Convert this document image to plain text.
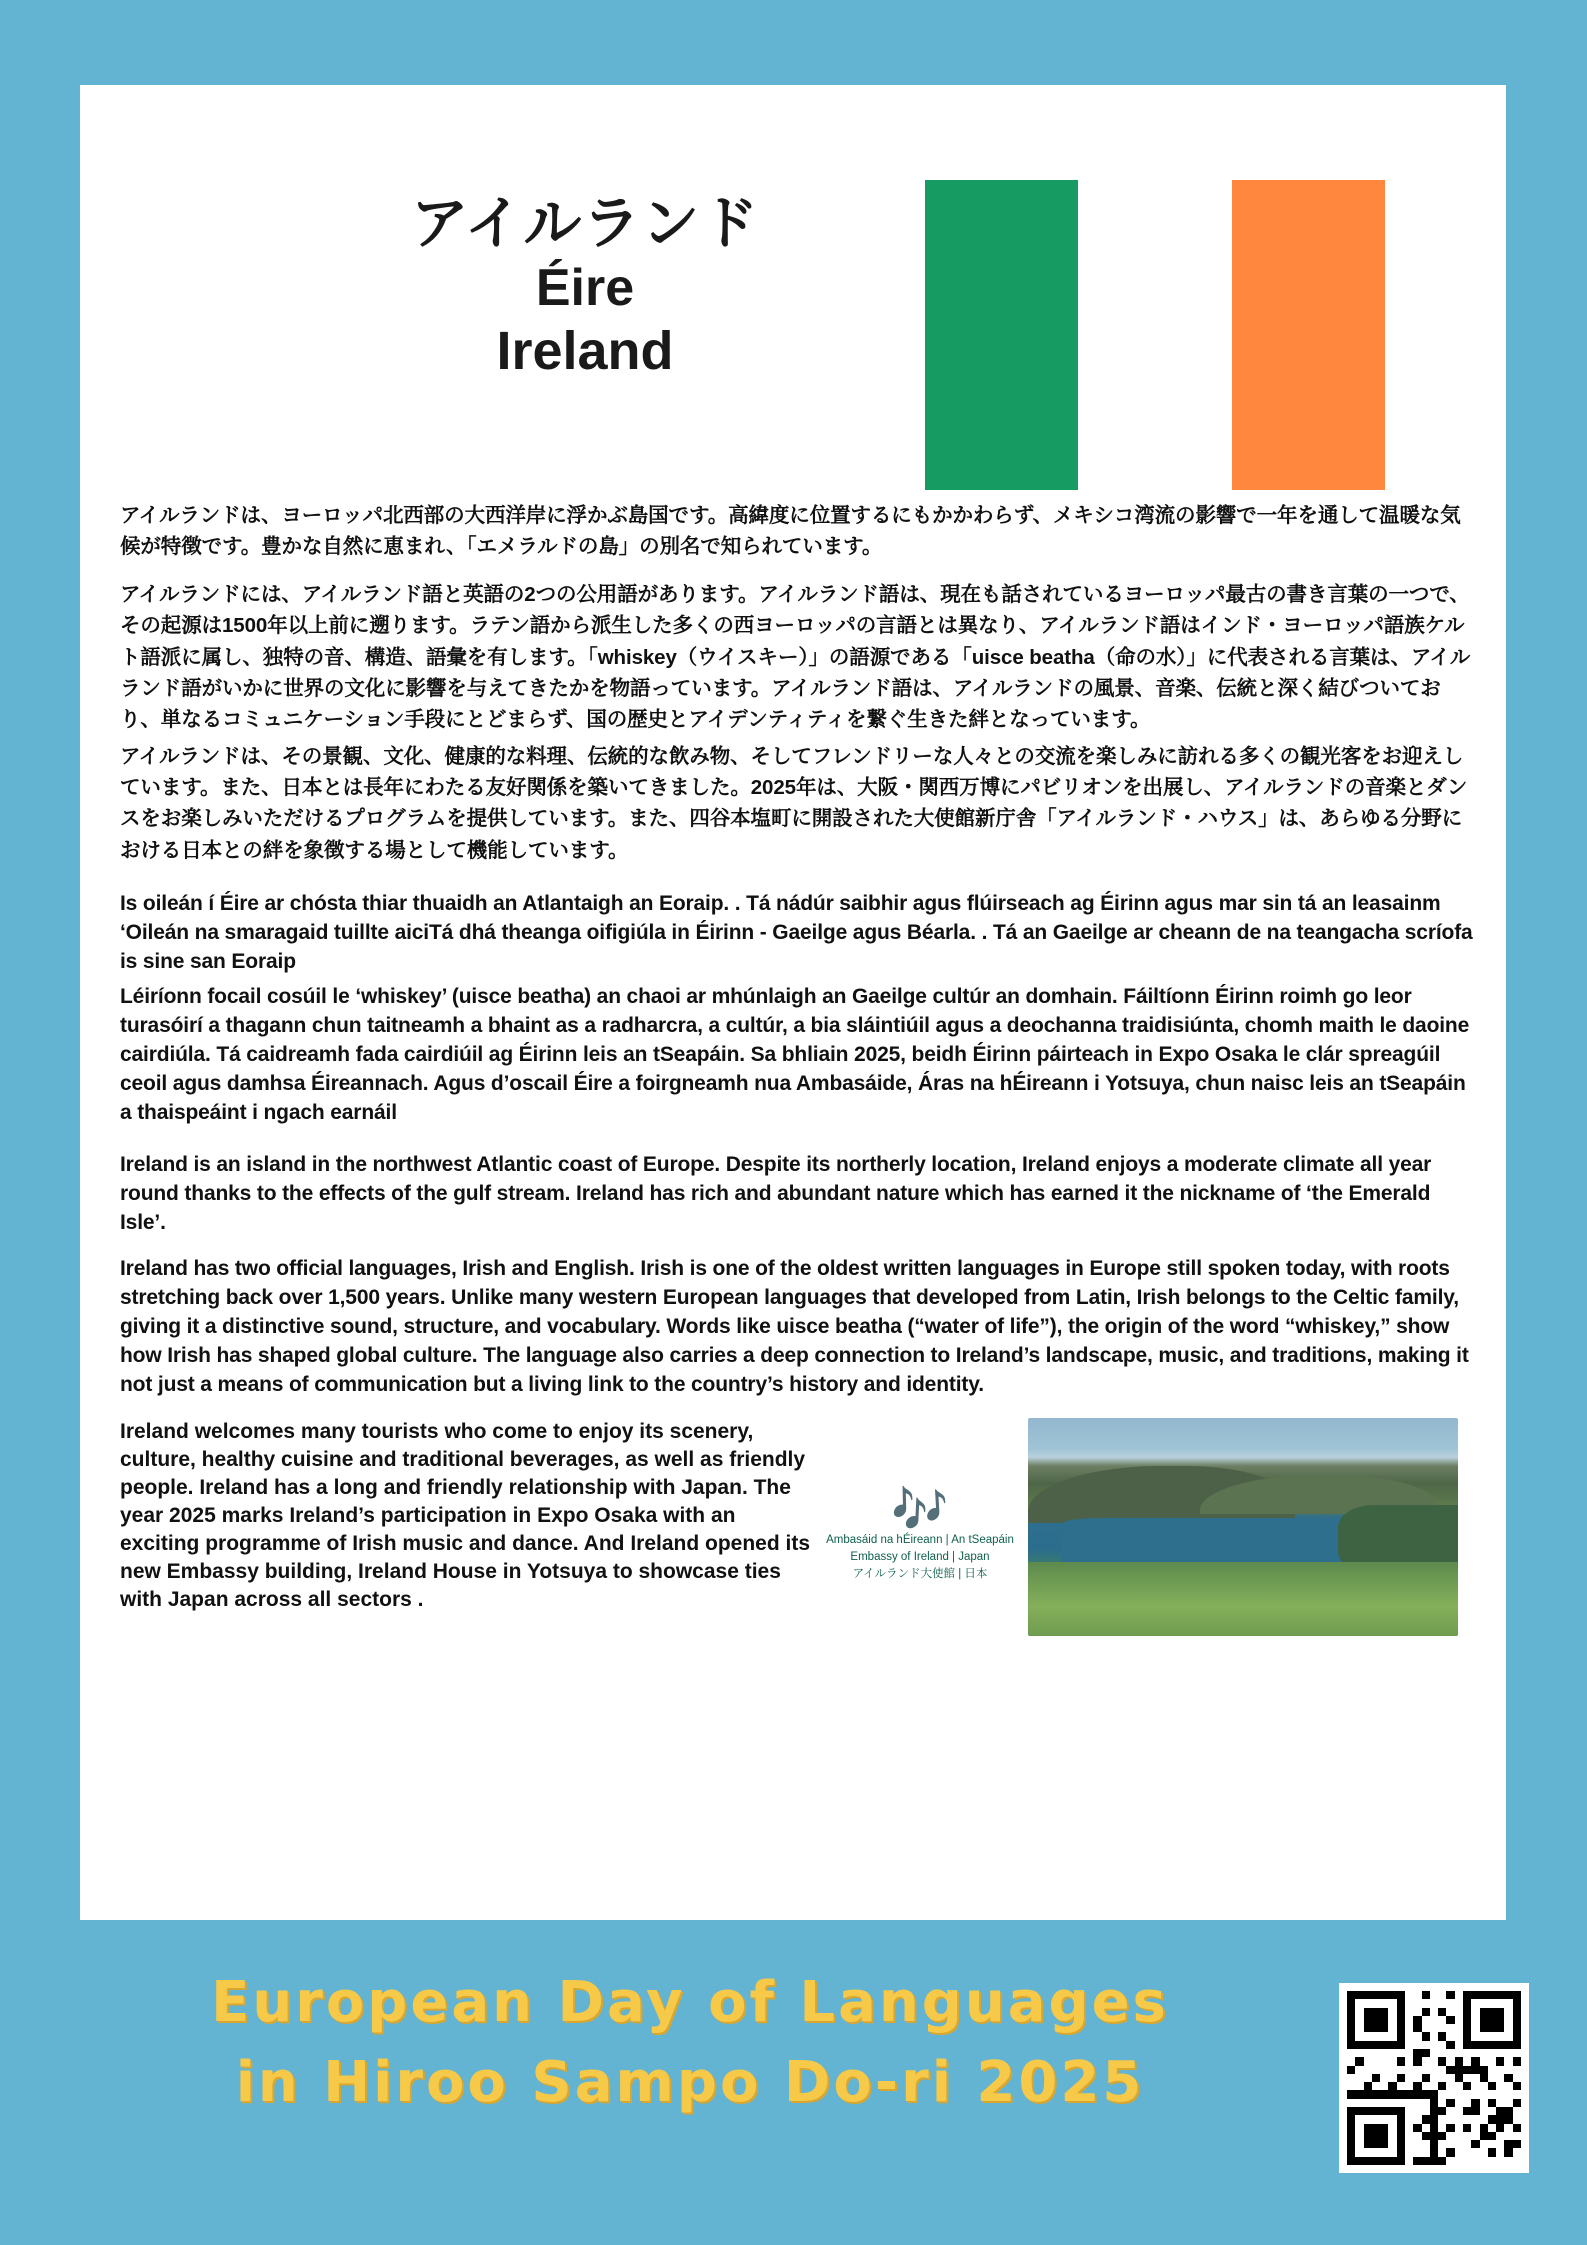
アイルランド
Éire
Ireland

アイルランドは、ヨーロッパ北西部の大西洋岸に浮かぶ島国です。高緯度に位置するにもかかわらず、メキシコ湾流の影響で一年を通して温暖な気候が特徴です。豊かな自然に恵まれ、「エメラルドの島」の別名で知られています。

アイルランドには、アイルランド語と英語の2つの公用語があります。アイルランド語は、現在も話されているヨーロッパ最古の書き言葉の一つで、その起源は1500年以上前に遡ります。ラテン語から派生した多くの西ヨーロッパの言語とは異なり、アイルランド語はインド・ヨーロッパ語族ケルト語派に属し、独特の音、構造、語彙を有します。「whiskey（ウイスキー）」の語源である「uisce beatha（命の水）」に代表される言葉は、アイルランド語がいかに世界の文化に影響を与えてきたかを物語っています。アイルランド語は、アイルランドの風景、音楽、伝統と深く結びついており、単なるコミュニケーション手段にとどまらず、国の歴史とアイデンティティを繋ぐ生きた絆となっています。

アイルランドは、その景観、文化、健康的な料理、伝統的な飲み物、そしてフレンドリーな人々との交流を楽しみに訪れる多くの観光客をお迎えしています。また、日本とは長年にわたる友好関係を築いてきました。2025年は、大阪・関西万博にパビリオンを出展し、アイルランドの音楽とダンスをお楽しみいただけるプログラムを提供しています。また、四谷本塩町に開設された大使館新庁舎「アイルランド・ハウス」は、あらゆる分野における日本との絆を象徴する場として機能しています。

Is oileán í Éire ar chósta thiar thuaidh an Atlantaigh an Eoraip. . Tá nádúr saibhir agus flúirseach ag Éirinn agus mar sin tá an leasainm ‘Oileán na smaragaid tuillte aiciTá dhá theanga oifigiúla in Éirinn - Gaeilge agus Béarla. . Tá an Gaeilge ar cheann de na teangacha scríofa is sine san Eoraip

Léiríonn focail cosúil le ‘whiskey’ (uisce beatha) an chaoi ar mhúnlaigh an Gaeilge cultúr an domhain. Fáiltíonn Éirinn roimh go leor turasóirí a thagann chun taitneamh a bhaint as a radharcra, a cultúr, a bia sláintiúil agus a deochanna traidisiúnta, chomh maith le daoine cairdiúla. Tá caidreamh fada cairdiúil ag Éirinn leis an tSeapáin. Sa bhliain 2025, beidh Éirinn páirteach in Expo Osaka le clár spreagúil ceoil agus damhsa Éireannach. Agus d’oscail Éire a foirgneamh nua Ambasáide, Áras na hÉireann i Yotsuya, chun naisc leis an tSeapáin a thaispeáint i ngach earnáil

Ireland is an island in the northwest Atlantic coast of Europe. Despite its northerly location, Ireland enjoys a moderate climate all year round thanks to the effects of the gulf stream. Ireland has rich and abundant nature which has earned it the nickname of ‘the Emerald Isle’.

Ireland has two official languages, Irish and English. Irish is one of the oldest written languages in Europe still spoken today, with roots stretching back over 1,500 years. Unlike many western European languages that developed from Latin, Irish belongs to the Celtic family, giving it a distinctive sound, structure, and vocabulary. Words like uisce beatha (“water of life”), the origin of the word “whiskey,” show how Irish has shaped global culture. The language also carries a deep connection to Ireland’s landscape, music, and traditions, making it not just a means of communication but a living link to the country’s history and identity.

Ireland welcomes many tourists who come to enjoy its scenery, culture, healthy cuisine and traditional beverages, as well as friendly people. Ireland has a long and friendly relationship with Japan. The year 2025 marks Ireland’s participation in Expo Osaka with an exciting programme of Irish music and dance. And Ireland opened its new Embassy building, Ireland House in Yotsuya to showcase ties with Japan across all sectors .

🎶
Ambasáid na hÉireann | An tSeapáin
Embassy of Ireland | Japan
アイルランド大使館 | 日本
European Day of Languages
in Hiroo Sampo Do-ri 2025
